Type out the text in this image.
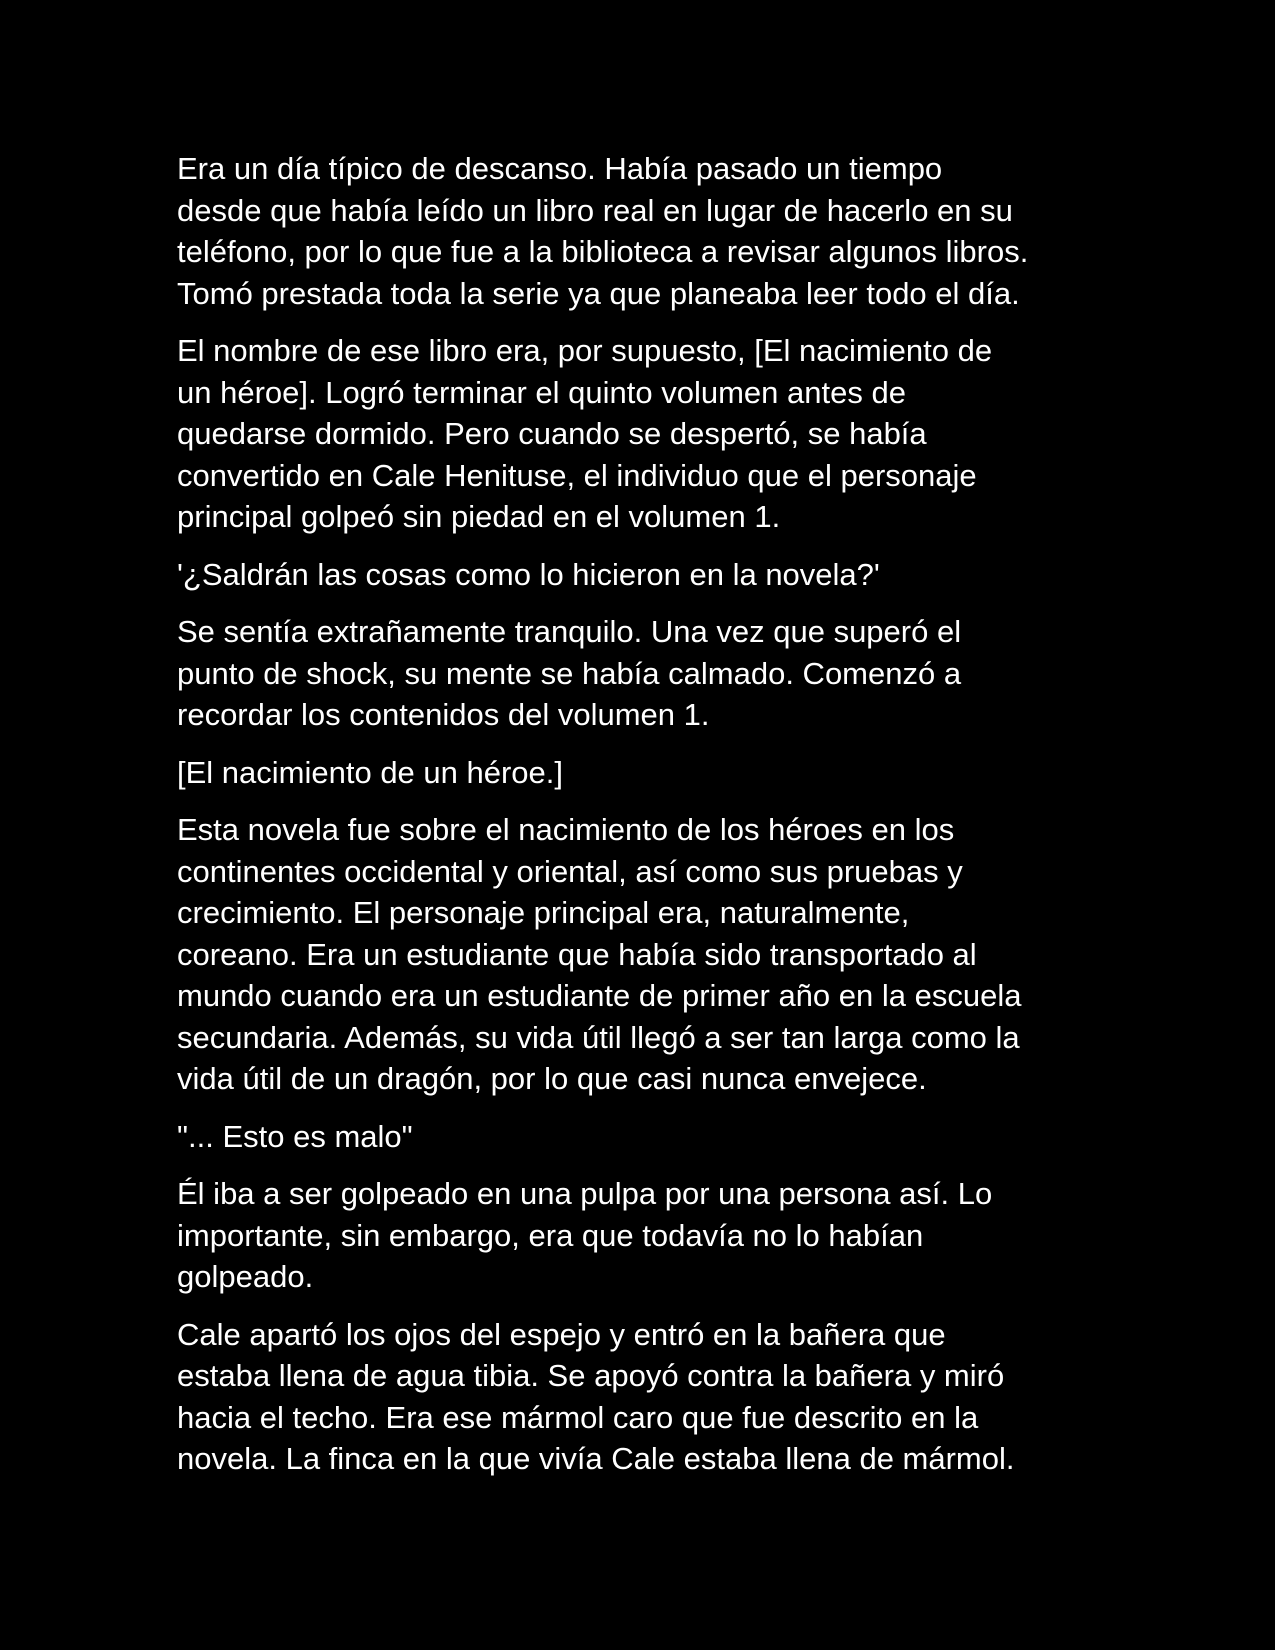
Era un día típico de descanso. Había pasado un tiempo
desde que había leído un libro real en lugar de hacerlo en su
teléfono, por lo que fue a la biblioteca a revisar algunos libros.
Tomó prestada toda la serie ya que planeaba leer todo el día.

El nombre de ese libro era, por supuesto, [El nacimiento de
un héroe]. Logró terminar el quinto volumen antes de
quedarse dormido. Pero cuando se despertó, se había
convertido en Cale Henituse, el individuo que el personaje
principal golpeó sin piedad en el volumen 1.

'¿Saldrán las cosas como lo hicieron en la novela?'

Se sentía extrañamente tranquilo. Una vez que superó el
punto de shock, su mente se había calmado. Comenzó a
recordar los contenidos del volumen 1.

[El nacimiento de un héroe.]

Esta novela fue sobre el nacimiento de los héroes en los
continentes occidental y oriental, así como sus pruebas y
crecimiento. El personaje principal era, naturalmente,
coreano. Era un estudiante que había sido transportado al
mundo cuando era un estudiante de primer año en la escuela
secundaria. Además, su vida útil llegó a ser tan larga como la
vida útil de un dragón, por lo que casi nunca envejece.

"... Esto es malo"

Él iba a ser golpeado en una pulpa por una persona así. Lo
importante, sin embargo, era que todavía no lo habían
golpeado.

Cale apartó los ojos del espejo y entró en la bañera que
estaba llena de agua tibia. Se apoyó contra la bañera y miró
hacia el techo. Era ese mármol caro que fue descrito en la
novela. La finca en la que vivía Cale estaba llena de mármol.
